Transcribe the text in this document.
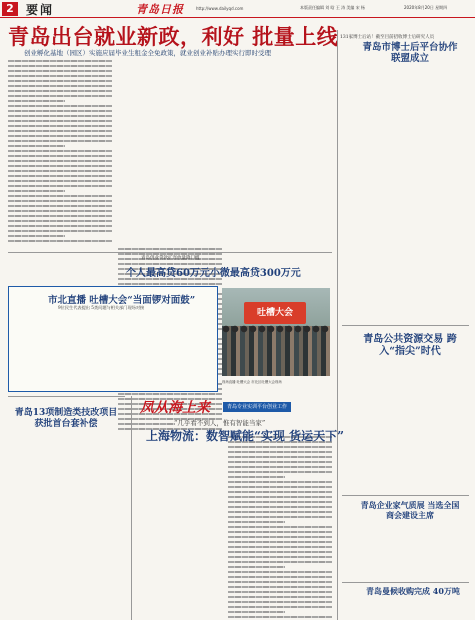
2	要闻	青岛日报	http://www.dailyqd.com	本版责任编辑 刘 晗 王 涛 美编 宋 杨	2020年8月20日 星期四
青岛出台就业新政，利好 批量上线
创业孵化基地（园区）实施应届毕业生租金全免政策，就业创业补贴办理实行即时受理
131家博士后站！截至目前招收博士后研究人员
青岛市博士后平台协作联盟成立
青岛创业贷款扩容放量降门槛
个人最高贷60万元小微最高贷300万元
市北直播 吐槽大会“当面锣对面鼓”
9位民生代表提出 5类问题与相关部门现场对接
吐槽大会
现场直播 吐槽大会 市北区吐槽大会现场
青岛13项制造类技改项目 获批首台套补偿
凤从海上来	青岛专业实训平台创业工作
“几乎看不到人，惟有智能当家”
上海物流：数智赋能“实现 货运天下”
青岛公共资源交易 跨入“指尖”时代
青岛企业家气质展 当选全国商会建设主席
青岛曼候收购完成 40万吨
